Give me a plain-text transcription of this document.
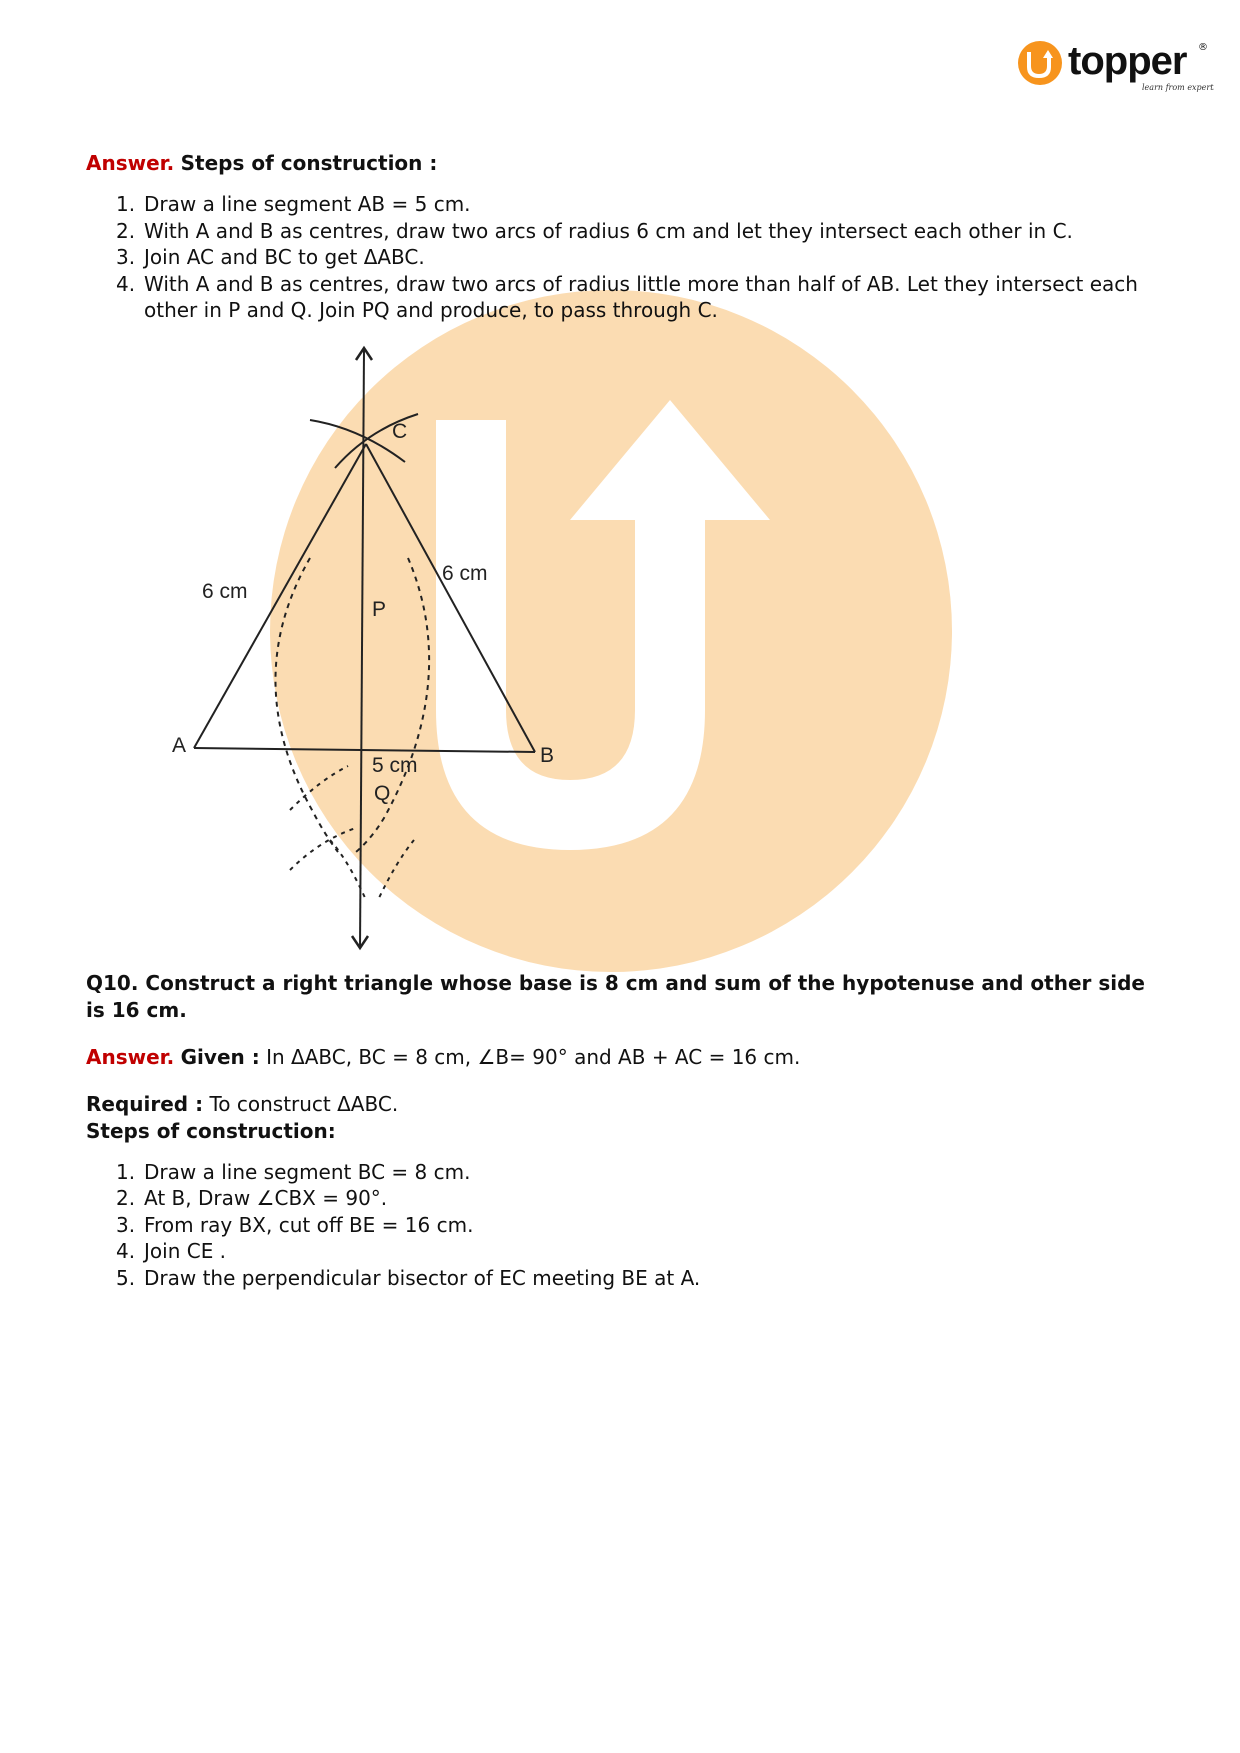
topper ®
learn from experts

Answer. Steps of construction :

1. Draw a line segment AB = 5 cm.
2. With A and B as centres, draw two arcs of radius 6 cm and let they intersect each other in C.
3. Join AC and BC to get ΔABC.
4. With A and B as centres, draw two arcs of radius little more than half of AB. Let they intersect each other in P and Q. Join PQ and produce, to pass through C.

Q10. Construct a right triangle whose base is 8 cm and sum of the hypotenuse and other side is 16 cm.

Answer. Given : In ΔABC, BC = 8 cm, ∠B= 90° and AB + AC = 16 cm.

Required : To construct ΔABC.

Steps of construction:

1. Draw a line segment BC = 8 cm.
2. At B, Draw ∠CBX = 90°.
3. From ray BX, cut off BE = 16 cm.
4. Join CE .
5. Draw the perpendicular bisector of EC meeting BE at A.
C
P
Q
A	B
6 cm
6 cm
5 cm
